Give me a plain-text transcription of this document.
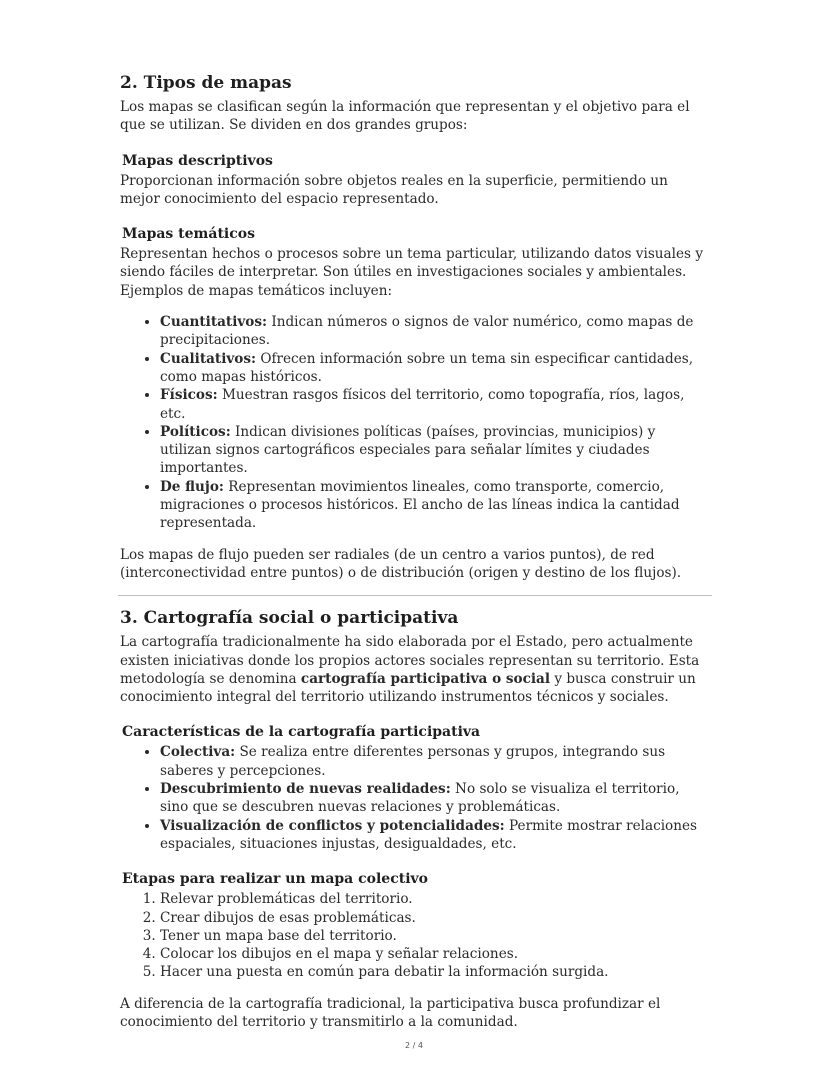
2. Tipos de mapas

Los mapas se clasifican según la información que representan y el objetivo para el que se utilizan. Se dividen en dos grandes grupos:

Mapas descriptivos

Proporcionan información sobre objetos reales en la superficie, permitiendo un mejor conocimiento del espacio representado.

Mapas temáticos

Representan hechos o procesos sobre un tema particular, utilizando datos visuales y siendo fáciles de interpretar. Son útiles en investigaciones sociales y ambientales. Ejemplos de mapas temáticos incluyen:

• Cuantitativos: Indican números o signos de valor numérico, como mapas de precipitaciones.
• Cualitativos: Ofrecen información sobre un tema sin especificar cantidades, como mapas históricos.
• Físicos: Muestran rasgos físicos del territorio, como topografía, ríos, lagos, etc.
• Políticos: Indican divisiones políticas (países, provincias, municipios) y utilizan signos cartográficos especiales para señalar límites y ciudades importantes.
• De flujo: Representan movimientos lineales, como transporte, comercio, migraciones o procesos históricos. El ancho de las líneas indica la cantidad representada.

Los mapas de flujo pueden ser radiales (de un centro a varios puntos), de red (interconectividad entre puntos) o de distribución (origen y destino de los flujos).

3. Cartografía social o participativa

La cartografía tradicionalmente ha sido elaborada por el Estado, pero actualmente existen iniciativas donde los propios actores sociales representan su territorio. Esta metodología se denomina cartografía participativa o social y busca construir un conocimiento integral del territorio utilizando instrumentos técnicos y sociales.

Características de la cartografía participativa
• Colectiva: Se realiza entre diferentes personas y grupos, integrando sus saberes y percepciones.
• Descubrimiento de nuevas realidades: No solo se visualiza el territorio, sino que se descubren nuevas relaciones y problemáticas.
• Visualización de conflictos y potencialidades: Permite mostrar relaciones espaciales, situaciones injustas, desigualdades, etc.
Etapas para realizar un mapa colectivo
1. Relevar problemáticas del territorio.
2. Crear dibujos de esas problemáticas.
3. Tener un mapa base del territorio.
4. Colocar los dibujos en el mapa y señalar relaciones.
5. Hacer una puesta en común para debatir la información surgida.

A diferencia de la cartografía tradicional, la participativa busca profundizar el conocimiento del territorio y transmitirlo a la comunidad.

2 / 4
